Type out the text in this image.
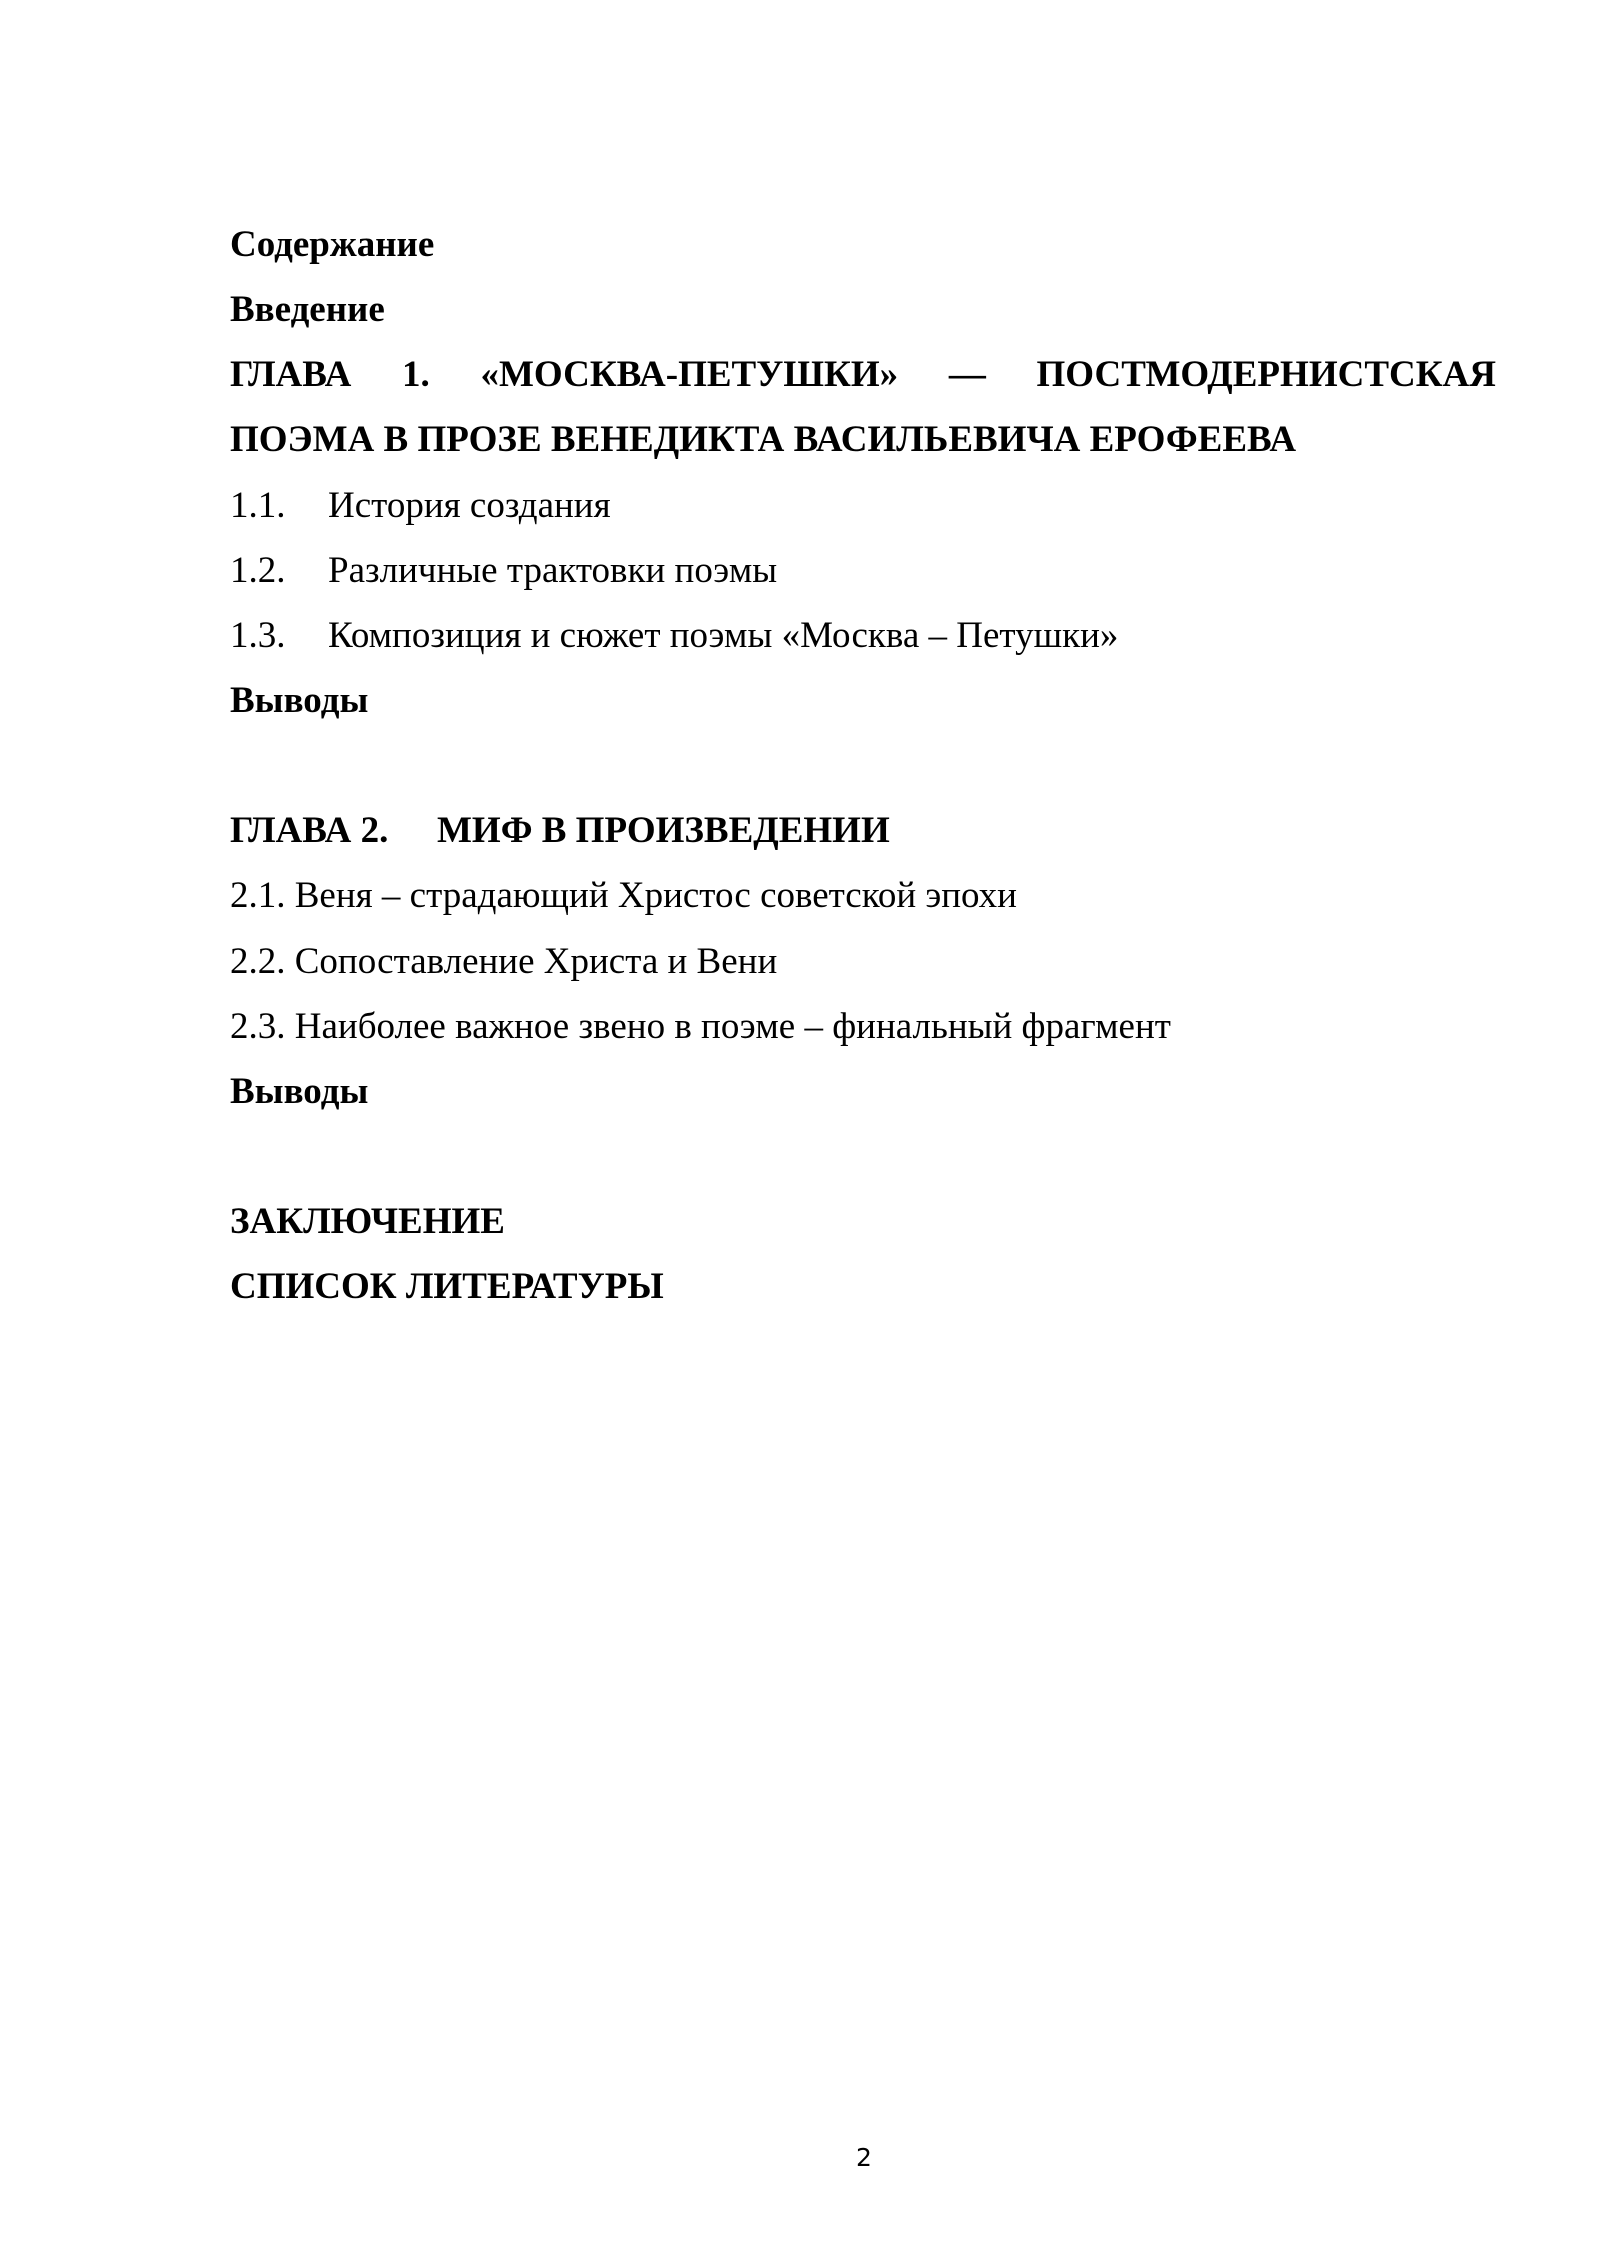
Содержание
Введение
ГЛАВА 1. «МОСКВА-ПЕТУШКИ» — ПОСТМОДЕРНИСТСКАЯ
ПОЭМА В ПРОЗЕ ВЕНЕДИКТА ВАСИЛЬЕВИЧА ЕРОФЕЕВА
1.1. История создания
1.2. Различные трактовки поэмы
1.3. Композиция и сюжет поэмы «Москва – Петушки»
Выводы
ГЛАВА 2. МИФ В ПРОИЗВЕДЕНИИ
2.1. Веня – страдающий Христос советской эпохи
2.2. Сопоставление Христа и Вени
2.3. Наиболее важное звено в поэме – финальный фрагмент
Выводы
ЗАКЛЮЧЕНИЕ
СПИСОК ЛИТЕРАТУРЫ
2
